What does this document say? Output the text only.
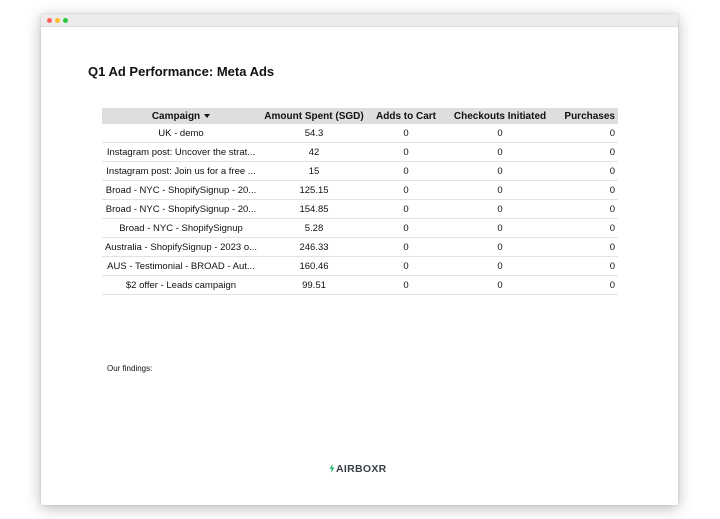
Q1 Ad Performance: Meta Ads
Campaign	Amount Spent (SGD)	Adds to Cart	Checkouts Initiated	Purchases
UK - demo	54.3	0	0	0
Instagram post: Uncover the strat...	42	0	0	0
Instagram post: Join us for a free ...	15	0	0	0
Broad - NYC - ShopifySignup - 20...	125.15	0	0	0
Broad - NYC - ShopifySignup - 20...	154.85	0	0	0
Broad - NYC - ShopifySignup	5.28	0	0	0
Australia - ShopifySignup - 2023 o...	246.33	0	0	0
AUS - Testimonial - BROAD - Aut...	160.46	0	0	0
$2 offer - Leads campaign	99.51	0	0	0
Our findings:
AIRBOXR
